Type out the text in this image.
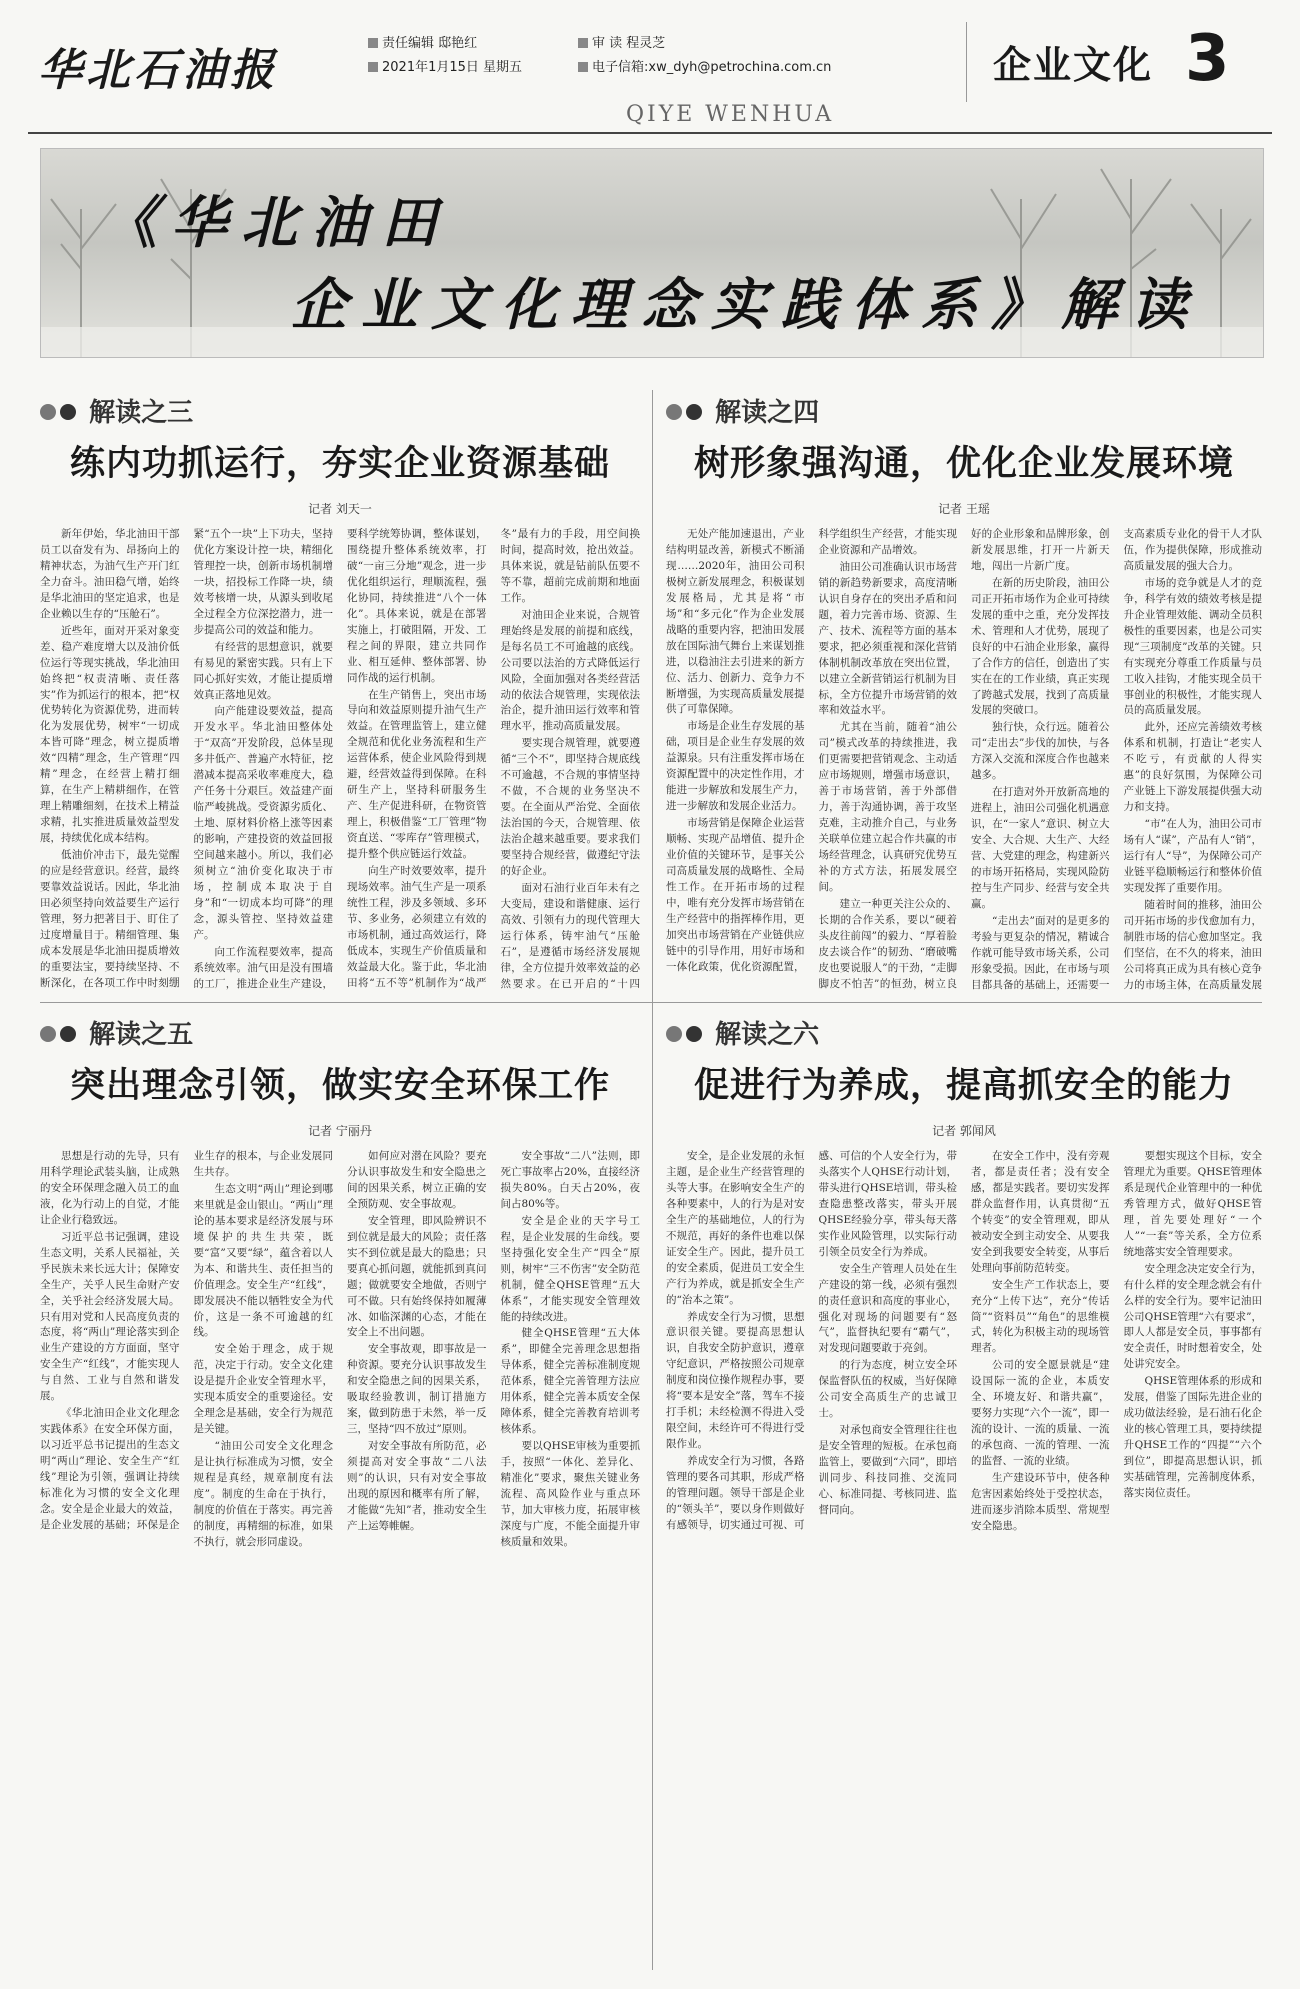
华北石油报
责任编辑 邸艳红	审 读 程灵芝
2021年1月15日 星期五	电子信箱:xw_dyh@petrochina.com.cn	企业文化 3
QIYE WENHUA
《华北油田
企业文化理念实践体系》解读
解读之三
练内功抓运行，夯实企业资源基础
记者 刘天一

新年伊始，华北油田干部员工以奋发有为、昂扬向上的精神状态，为油气生产开门红全力奋斗。油田稳气增，始终是华北油田的坚定追求，也是企业赖以生存的“压舱石”。

近些年，面对开采对象变差、稳产难度增大以及油价低位运行等现实挑战，华北油田始终把“权责清晰、责任落实”作为抓运行的根本，把“权优势转化为资源优势，进而转化为发展优势，树牢“一切成本皆可降”理念，树立提质增效“四精”理念，生产管理“四精”理念，在经营上精打细算，在生产上精耕细作，在管理上精雕细刻，在技术上精益求精，扎实推进质量效益型发展，持续优化成本结构。

低油价冲击下，最先觉醒的应是经营意识。经营，最终要靠效益说话。因此，华北油田必须坚持向效益要生产运行管理，努力把著目于、盯住了过度增量目于。精细管理、集成本发展是华北油田提质增效的重要法宝，要持续坚持、不断深化，在各项工作中时刻绷紧“五个一块”上下功夫，坚持优化方案设计控一块，精细化管理控一块，创新市场机制增一块，招投标工作降一块，绩效考核增一块，从源头到收尾全过程全方位深挖潜力，进一步提高公司的效益和能力。

有经营的思想意识，就要有易见的紧密实践。只有上下同心抓好实效，才能让提质增效真正落地见效。

向产能建设要效益，提高开发水平。华北油田整体处于“双高”开发阶段，总体呈现多井低产、普遍产水特征，挖潜减本提高采收率难度大，稳产任务十分艰巨。效益建产面临严峻挑战。受资源劣质化、土地、原材料价格上涨等因素的影响，产建投资的效益回报空间越来越小。所以，我们必须树立“油价变化取决于市场，控制成本取决于自身”和“一切成本均可降”的理念，源头管控、坚持效益建产。

向工作流程要效率，提高系统效率。油气田是没有围墙的工厂，推进企业生产建设，要科学统筹协调，整体谋划，围绕提升整体系统效率，打破“一亩三分地”观念，进一步优化组织运行，理顺流程，强化协同，持续推进“八个一体化”。具体来说，就是在部署实施上，打破阻隔，开发、工程之间的界限，建立共同作业、相互延伸、整体部署、协同作战的运行机制。

在生产销售上，突出市场导向和效益原则提升油气生产效益。在管理监管上，建立健全规范和优化业务流程和生产运营体系，使企业风险得到规避，经营效益得到保障。在科研生产上，坚持科研服务生产、生产促进科研，在物资管理上，积极借鉴“工厂管理”物资直送、“零库存”管理模式，提升整个供应链运行效益。

向生产时效要效率，提升现场效率。油气生产是一项系统性工程，涉及多领域、多环节、多业务，必须建立有效的市场机制，通过高效运行，降低成本，实现生产价值质量和效益最大化。鉴于此，华北油田将“五不等”机制作为“战严冬”最有力的手段，用空间换时间，提高时效，抢出效益。具体来说，就是钻前队伍要不等不靠，超前完成前期和地面工作。

对油田企业来说，合规管理始终是发展的前提和底线，是每名员工不可逾越的底线。公司要以法治的方式降低运行风险，全面加强对各类经营活动的依法合规管理，实现依法治企，提升油田运行效率和管理水平，推动高质量发展。

要实现合规管理，就要遵循“三个不”，即坚持合规底线不可逾越，不合规的事情坚持不做，不合规的业务坚决不要。在全面从严治党、全面依法治国的今天，合规管理、依法治企越来越重要。要求我们要坚持合规经营，做遵纪守法的好企业。

面对石油行业百年未有之大变局，建设和谐健康、运行高效、引领有力的现代管理大运行体系，铸牢油气“压舱石”，是遵循市场经济发展规律，全方位提升效率效益的必然要求。在已开启的“十四

解读之四
树形象强沟通，优化企业发展环境
记者 王瑶

无处产能加速退出，产业结构明显改善，新模式不断涌现……2020年，油田公司积极树立新发展理念，积极谋划发展格局，尤其是将“市场”和“多元化”作为企业发展战略的重要内容，把油田发展放在国际油气舞台上来谋划推进，以稳油注去引进来的新方位、活力、创新力、竞争力不断增强，为实现高质量发展提供了可靠保障。

市场是企业生存发展的基础，项目是企业生存发展的效益源泉。只有注重发挥市场在资源配置中的决定性作用，才能进一步解放和发展生产力，进一步解放和发展企业活力。

市场营销是保障企业运营顺畅、实现产品增值、提升企业价值的关键环节，是事关公司高质量发展的战略性、全局性工作。在开拓市场的过程中，唯有充分发挥市场营销在生产经营中的指挥棒作用，更加突出市场营销在产业链供应链中的引导作用，用好市场和一体化政策，优化资源配置，科学组织生产经营，才能实现企业资源和产品增效。

油田公司准确认识市场营销的新趋势新要求，高度清晰认识自身存在的突出矛盾和问题，着力完善市场、资源、生产、技术、流程等方面的基本要求，把必须重视和深化营销体制机制改革放在突出位置，以建立全新营销运行机制为目标，全方位提升市场营销的效率和效益水平。

尤其在当前，随着“油公司”模式改革的持续推进，我们更需要把营销观念、主动适应市场规则，增强市场意识，善于市场营销，善于外部借力，善于沟通协调，善于攻坚克难，主动推介自己，与业务关联单位建立起合作共赢的市场经营理念，认真研究优势互补的方式方法，拓展发展空间。

建立一种更关注公众的、长期的合作关系，要以“硬着头皮往前闯”的毅力、“厚着脸皮去谈合作”的韧劲、“磨破嘴皮也要说服人”的干劲，“走脚脚皮不怕苦”的恒劲，树立良好的企业形象和品牌形象，创新发展思维，打开一片新天地，闯出一片新广度。

在新的历史阶段，油田公司正开拓市场作为企业可持续发展的重中之重，充分发挥技术、管理和人才优势，展现了良好的中石油企业形象，赢得了合作方的信任，创造出了实实在在的工作业绩，真正实现了跨越式发展，找到了高质量发展的突破口。

独行快，众行远。随着公司“走出去”步伐的加快，与各方深入交流和深度合作也越来越多。

在打造对外开放新高地的进程上，油田公司强化机遇意识，在“一家人”意识、树立大安全、大合规、大生产、大经营、大党建的理念，构建新兴的市场开拓格局，实现风险防控与生产同步、经营与安全共赢。

“走出去”面对的是更多的考验与更复杂的情况，精诚合作就可能导致市场关系，公司形象受损。因此，在市场与项目都具备的基础上，还需要一支高素质专业化的骨干人才队伍，作为提供保障，形成推动高质量发展的强大合力。

市场的竞争就是人才的竞争，科学有效的绩效考核是提升企业管理效能、调动全员积极性的重要因素，也是公司实现“三项制度”改革的关键。只有实现充分尊重工作质量与员工收入挂钩，才能实现全员干事创业的积极性，才能实现人员的高质量发展。

此外，还应完善绩效考核体系和机制，打造让“老实人不吃亏，有贡献的人得实惠”的良好氛围，为保障公司产业链上下游发展提供强大动力和支持。

“市”在人为，油田公司市场有人“谋”，产品有人“销”，运行有人“导”，为保障公司产业链平稳顺畅运行和整体价值实现发挥了重要作用。

随着时间的推移，油田公司开拓市场的步伐愈加有力，制胜市场的信心愈加坚定。我们坚信，在不久的将来，油田公司将真正成为具有核心竞争力的市场主体，在高质量发展

解读之五
突出理念引领，做实安全环保工作
记者 宁丽丹

思想是行动的先导，只有用科学理论武装头脑，让成熟的安全环保理念融入员工的血液，化为行动上的自觉，才能让企业行稳致远。

习近平总书记强调，建设生态文明，关系人民福祉，关乎民族未来长远大计；保障安全生产，关乎人民生命财产安全，关乎社会经济发展大局。只有用对党和人民高度负责的态度，将“两山”理论落实到企业生产建设的方方面面，坚守安全生产“红线”，才能实现人与自然、工业与自然和谐发展。

《华北油田企业文化理念实践体系》在安全环保方面，以习近平总书记提出的生态文明“两山”理论、安全生产“红线”理论为引领，强调让持续标准化为习惯的安全文化理念。安全是企业最大的效益，是企业发展的基础；环保是企业生存的根本，与企业发展同生共存。

生态文明“两山”理论到哪来里就是金山银山。“两山”理论的基本要求是经济发展与环境保护的共生共荣，既要“富”又要“绿”，蕴含着以人为本、和谐共生、责任担当的价值理念。安全生产“红线”，即发展决不能以牺牲安全为代价，这是一条不可逾越的红线。

安全始于理念，成于规范，决定于行动。安全文化建设是提升企业安全管理水平，实现本质安全的重要途径。安全理念是基础，安全行为规范是关键。

“油田公司安全文化理念是让执行标准成为习惯，安全规程是真经，规章制度有法度”。制度的生命在于执行，制度的价值在于落实。再完善的制度，再精细的标准，如果不执行，就会形同虚设。

如何应对潜在风险？要充分认识事故发生和安全隐患之间的因果关系，树立正确的安全预防观、安全事故观。

安全管理，即风险辨识不到位就是最大的风险；责任落实不到位就是最大的隐患；只要真心抓问题，就能抓到真问题；做就要安全地做，否则宁可不做。只有始终保持如履薄冰、如临深渊的心态，才能在安全上不出问题。

安全事故观，即事故是一种资源。要充分认识事故发生和安全隐患之间的因果关系，吸取经验教训，制订措施方案，做到防患于未然，举一反三，坚持“四不放过”原则。

对安全事故有所防范，必须提高对安全事故“二八法则”的认识，只有对安全事故出现的原因和概率有所了解，才能做“先知”者，推动安全生产上运筹帷幄。

安全事故“二八”法则，即死亡事故率占20%，直接经济损失80%。白天占20%，夜间占80%等。

安全是企业的天字号工程，是企业发展的生命线。要坚持强化安全生产“四全”原则，树牢“三不伤害”安全防范机制，健全QHSE管理“五大体系”，才能实现安全管理效能的持续改进。

健全QHSE管理“五大体系”，即健全完善理念思想指导体系，健全完善标准制度规范体系，健全完善管理方法应用体系，健全完善本质安全保障体系，健全完善教育培训考核体系。

要以QHSE审核为重要抓手，按照“一体化、差异化、精准化”要求，聚焦关键业务流程、高风险作业与重点环节，加大审核力度，拓展审核深度与广度，不能全面提升审核质量和效果。

解读之六
促进行为养成，提高抓安全的能力
记者 郭闻风

安全，是企业发展的永恒主题，是企业生产经营管理的头等大事。在影响安全生产的各种要素中，人的行为是对安全生产的基础地位，人的行为不规范，再好的条件也难以保证安全生产。因此，提升员工的安全素质，促进员工安全生产行为养成，就是抓安全生产的“治本之策”。

养成安全行为习惯，思想意识很关键。要提高思想认识，自我安全防护意识，遵章守纪意识，严格按照公司规章制度和岗位操作规程办事，要将“要本是安全”落，驾车不接打手机；未经检测不得进入受限空间，未经许可不得进行受限作业。

养成安全行为习惯，各路管理的要各司其职，形成严格的管理问题。领导干部是企业的“领头羊”，要以身作则做好有感领导，切实通过可视、可感、可信的个人安全行为，带头落实个人QHSE行动计划，带头进行QHSE培训，带头检查隐患整改落实，带头开展QHSE经验分享，带头每天落实作业风险管理，以实际行动引领全员安全行为养成。

安全生产管理人员处在生产建设的第一线，必须有强烈的责任意识和高度的事业心，强化对现场的问题要有“怒气”，监督执纪要有“霸气”，对发现问题要敢于亮剑。

的行为态度，树立安全环保监督队伍的权威，当好保障公司安全高质生产的忠诚卫士。

对承包商安全管理往往也是安全管理的短板。在承包商监管上，要做到“六同”，即培训同步、科技同推、交流同心、标准同提、考核同进、监督同向。

在安全工作中，没有旁观者，都是责任者；没有安全感，都是实践者。要切实发挥群众监督作用，认真贯彻“五个转变”的安全管理观，即从被动安全到主动安全、从要我安全到我要安全转变，从事后处理向事前防范转变。

安全生产工作状态上，要充分“上传下达”，充分“传话筒”“资料员”“角色”的思维模式，转化为积极主动的现场管理者。

公司的安全愿景就是“建设国际一流的企业，本质安全、环境友好、和谐共赢”，要努力实现“六个一流”，即一流的设计、一流的质量、一流的承包商、一流的管理、一流的监督、一流的业绩。

生产建设环节中，使各种危害因素始终处于受控状态，进而逐步消除本质型、常规型安全隐患。

要想实现这个目标，安全管理尤为重要。QHSE管理体系是现代企业管理中的一种优秀管理方式，做好QHSE管理，首先要处理好“一个人”“一套”等关系，全方位系统地落实安全管理要求。

安全理念决定安全行为，有什么样的安全理念就会有什么样的安全行为。要牢记油田公司QHSE管理“六有要求”，即人人都是安全员，事事都有安全责任，时时想着安全，处处讲究安全。

QHSE管理体系的形成和发展，借鉴了国际先进企业的成功做法经验，是石油石化企业的核心管理工具，要持续提升QHSE工作的“四提”“六个到位”，即提高思想认识，抓实基础管理，完善制度体系，落实岗位责任。
